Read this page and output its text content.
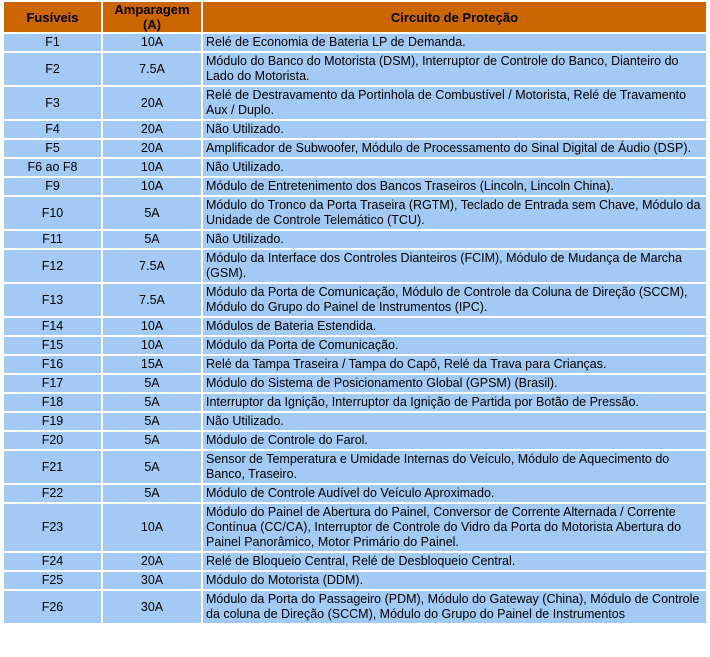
Fusíveis	Amparagem (A)	Circuito de Proteção
F1	10A	Relé de Economia de Bateria LP de Demanda.
F2	7.5A	Módulo do Banco do Motorista (DSM), Interruptor de Controle do Banco, Dianteiro do Lado do Motorista.
F3	20A	Relé de Destravamento da Portinhola de Combustível / Motorista, Relé de Travamento Aux / Duplo.
F4	20A	Não Utilizado.
F5	20A	Amplificador de Subwoofer, Módulo de Processamento do Sinal Digital de Áudio (DSP).
F6 ao F8	10A	Não Utilizado.
F9	10A	Módulo de Entretenimento dos Bancos Traseiros (Lincoln, Lincoln China).
F10	5A	Módulo do Tronco da Porta Traseira (RGTM), Teclado de Entrada sem Chave, Módulo da Unidade de Controle Telemático (TCU).
F11	5A	Não Utilizado.
F12	7.5A	Módulo da Interface dos Controles Dianteiros (FCIM), Módulo de Mudança de Marcha (GSM).
F13	7.5A	Módulo da Porta de Comunicação, Módulo de Controle da Coluna de Direção (SCCM), Módulo do Grupo do Painel de Instrumentos (IPC).
F14	10A	Módulos de Bateria Estendida.
F15	10A	Módulo da Porta de Comunicação.
F16	15A	Relé da Tampa Traseira / Tampa do Capô, Relé da Trava para Crianças.
F17	5A	Módulo do Sistema de Posicionamento Global (GPSM) (Brasil).
F18	5A	Interruptor da Ignição, Interruptor da Ignição de Partida por Botão de Pressão.
F19	5A	Não Utilizado.
F20	5A	Módulo de Controle do Farol.
F21	5A	Sensor de Temperatura e Umidade Internas do Veículo, Módulo de Aquecimento do Banco, Traseiro.
F22	5A	Módulo de Controle Audível do Veículo Aproximado.
F23	10A	Módulo do Painel de Abertura do Painel, Conversor de Corrente Alternada / Corrente Contínua (CC/CA), Interruptor de Controle do Vidro da Porta do Motorista Abertura do Painel Panorâmico, Motor Primário do Painel.
F24	20A	Relé de Bloqueio Central, Relé de Desbloqueio Central.
F25	30A	Módulo do Motorista (DDM).
F26	30A	Módulo da Porta do Passageiro (PDM), Módulo do Gateway (China), Módulo de Controle da coluna de Direção (SCCM), Módulo do Grupo do Painel de Instrumentos
